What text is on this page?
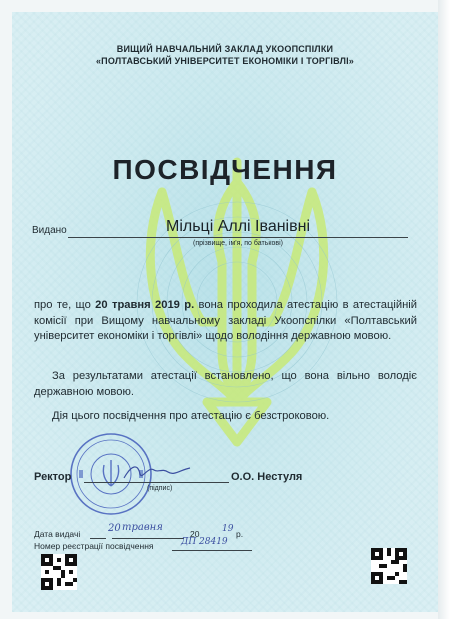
ВИЩИЙ НАВЧАЛЬНИЙ ЗАКЛАД УКООПСПІЛКИ
«ПОЛТАВСЬКИЙ УНІВЕРСИТЕТ ЕКОНОМІКИ І ТОРГІВЛІ»
ПОСВІДЧЕННЯ
Видано	Мільці Аллі Іванівні
(прізвище, ім'я, по батькові)
про те, що 20 травня 2019 р. вона проходила атестацію в атестаційній комісії при Вищому навчальному закладі Укоопспілки «Полтавський університет економіки і торгівлі» щодо володіння державною мовою.
За результатами атестації встановлено, що вона вільно володіє державною мовою.
Дія цього посвідчення про атестацію є безстроковою.
Ректор
(підпис)
О.О. Нестуля
Дата видачі	20 травня
20	19 р.
Номер реєстрації посвідчення	ДП 28419
